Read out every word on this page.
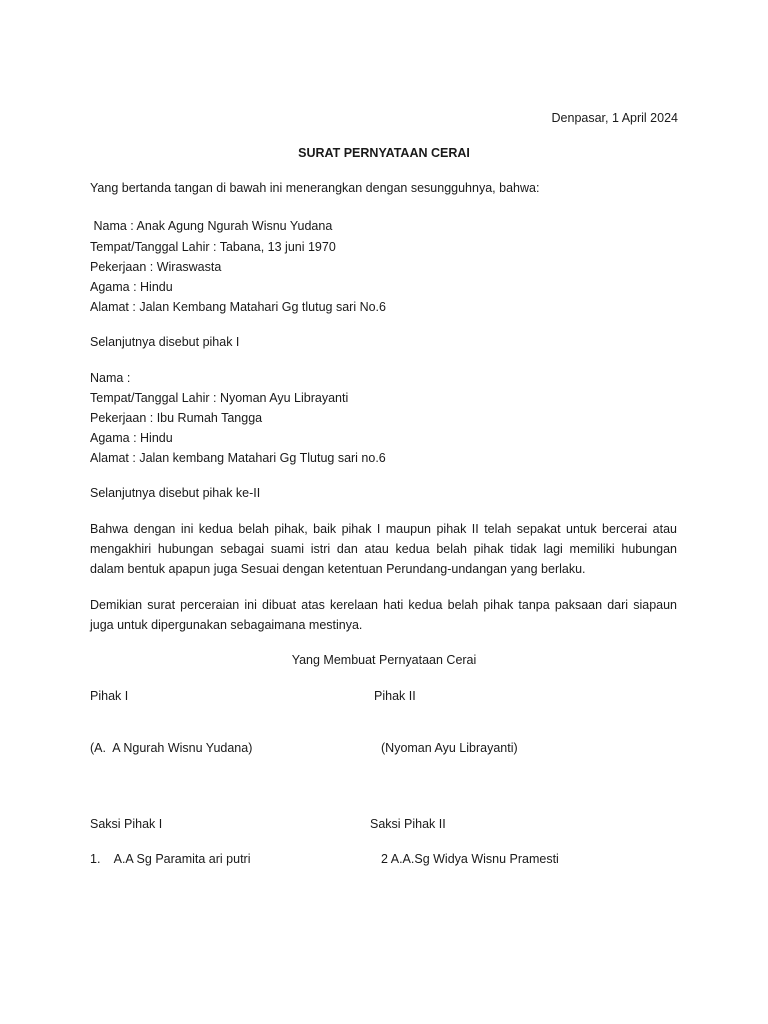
Denpasar, 1 April 2024
SURAT PERNYATAAN CERAI
Yang bertanda tangan di bawah ini menerangkan dengan sesungguhnya, bahwa:
Nama : Anak Agung Ngurah Wisnu Yudana
Tempat/Tanggal Lahir : Tabana, 13 juni 1970
Pekerjaan : Wiraswasta
Agama : Hindu
Alamat : Jalan Kembang Matahari Gg tlutug sari No.6
Selanjutnya disebut pihak I
Nama :
Tempat/Tanggal Lahir : Nyoman Ayu Librayanti
Pekerjaan : Ibu Rumah Tangga
Agama : Hindu
Alamat : Jalan kembang Matahari Gg Tlutug sari no.6
Selanjutnya disebut pihak ke-II
Bahwa dengan ini kedua belah pihak, baik pihak I maupun pihak II telah sepakat untuk bercerai atau
mengakhiri hubungan sebagai suami istri dan atau kedua belah pihak tidak lagi memiliki hubungan
dalam bentuk apapun juga Sesuai dengan ketentuan Perundang-undangan yang berlaku.
Demikian surat perceraian ini dibuat atas kerelaan hati kedua belah pihak tanpa paksaan dari siapaun
juga untuk dipergunakan sebagaimana mestinya.
Yang Membuat Pernyataan Cerai
Pihak I	Pihak II
(A.  A Ngurah Wisnu Yudana)	(Nyoman Ayu Librayanti)
Saksi Pihak I	Saksi Pihak II
1.    A.A Sg Paramita ari putri	2 A.A.Sg Widya Wisnu Pramesti
